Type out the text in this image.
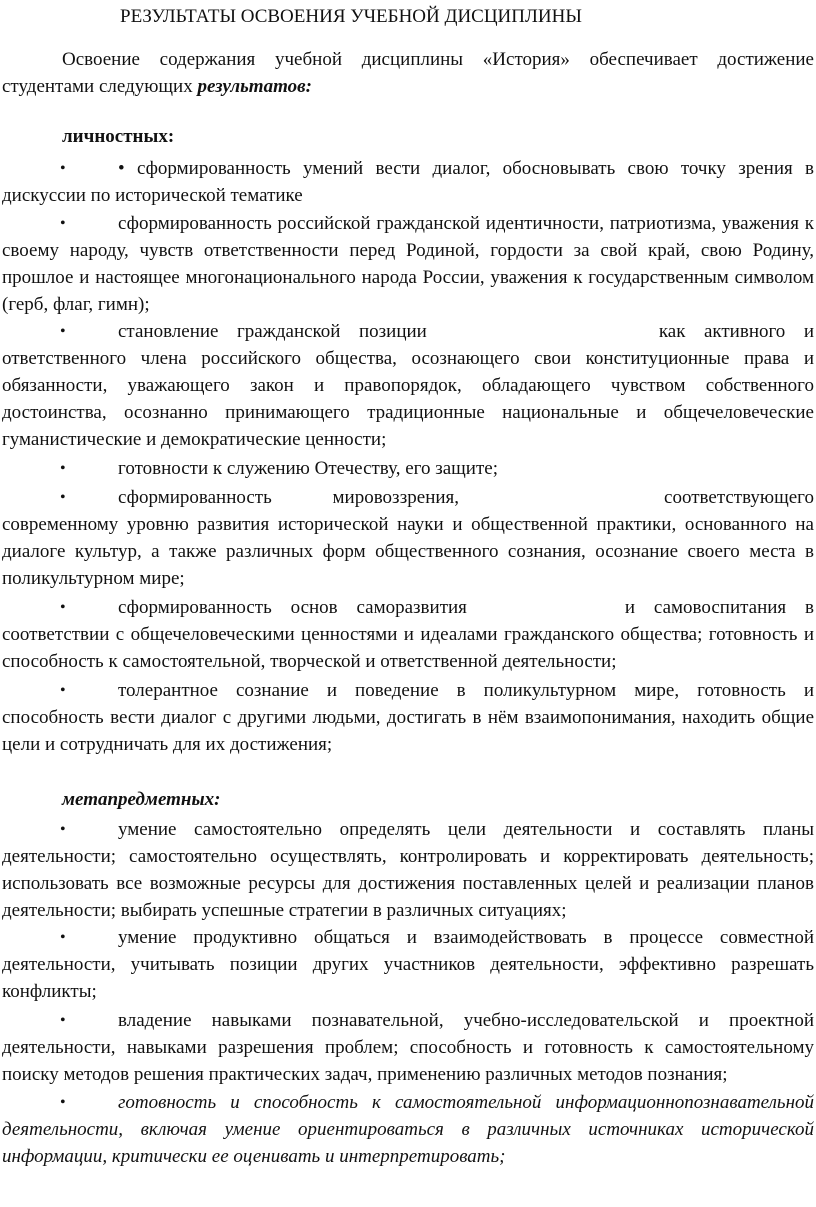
РЕЗУЛЬТАТЫ ОСВОЕНИЯ УЧЕБНОЙ ДИСЦИПЛИНЫ
Освоение содержания учебной дисциплины «История» обеспечивает достижение студентами следующих результатов:
личностных:
•	• сформированность умений вести диалог, обосновывать свою точку зрения в дискуссии по исторической тематике
•	сформированность российской гражданской идентичности, патриотизма, уважения к своему народу, чувств ответственности перед Родиной, гордости за свой край, свою Родину, прошлое и настоящее многонационального народа России, уважения к государственным символом (герб, флаг, гимн);
•	становление гражданской позиции	как активного и ответственного члена российского общества, осознающего свои конституционные права и обязанности, уважающего закон и правопорядок, обладающего чувством собственного достоинства, осознанно принимающего традиционные национальные и общечеловеческие гуманистические и демократические ценности;
•	готовности к служению Отечеству, его защите;
•	сформированность мировоззрения,	соответствующего современному уровню развития исторической науки и общественной практики, основанного на диалоге культур, а также различных форм общественного сознания, осознание своего места в поликультурном мире;
•	сформированность основ саморазвития	и самовоспитания в соответствии с общечеловеческими ценностями и идеалами гражданского общества; готовность и способность к самостоятельной, творческой и ответственной деятельности;
•	толерантное сознание и поведение в поликультурном мире, готовность и способность вести диалог с другими людьми, достигать в нём взаимопонимания, находить общие цели и сотрудничать для их достижения;
метапредметных:
•	умение самостоятельно определять цели деятельности и составлять планы деятельности; самостоятельно осуществлять, контролировать и корректировать деятельность; использовать все возможные ресурсы для достижения поставленных целей и реализации планов деятельности; выбирать успешные стратегии в различных ситуациях;
•	умение продуктивно общаться и взаимодействовать в процессе совместной деятельности, учитывать позиции других участников деятельности, эффективно разрешать конфликты;
•	владение навыками познавательной, учебно-исследовательской и проектной деятельности, навыками разрешения проблем; способность и готовность к самостоятельному поиску методов решения практических задач, применению различных методов познания;
•	готовность и способность к самостоятельной информационнопознавательной деятельности, включая умение ориентироваться в различных источниках исторической информации, критически ее оценивать и интерпретировать;
